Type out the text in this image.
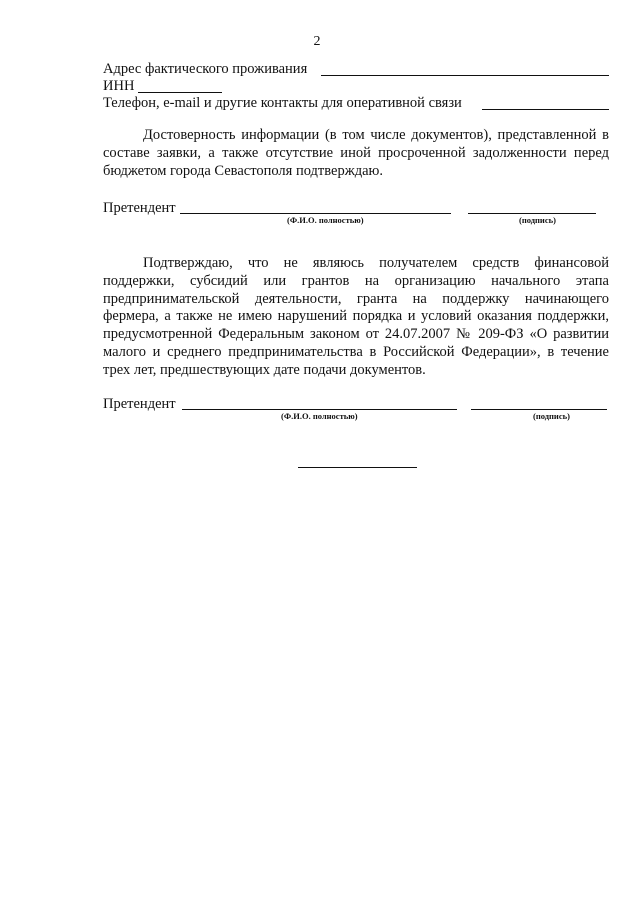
2
Адрес фактического проживания
ИНН
Телефон, e-mail и другие контакты для оперативной связи
Достоверность информации (в том числе документов), представленной в составе заявки, а также отсутствие иной просроченной задолженности перед бюджетом города Севастополя подтверждаю.
Претендент
(Ф.И.О. полностью)	(подпись)
Подтверждаю, что не являюсь получателем средств финансовой поддержки, субсидий или грантов на организацию начального этапа предпринимательской деятельности, гранта на поддержку начинающего фермера, а также не имею нарушений порядка и условий оказания поддержки, предусмотренной Федеральным законом от 24.07.2007 № 209-ФЗ «О развитии малого и среднего предпринимательства в Российской Федерации», в течение трех лет, предшествующих дате подачи документов.
Претендент
(Ф.И.О. полностью)	(подпись)
